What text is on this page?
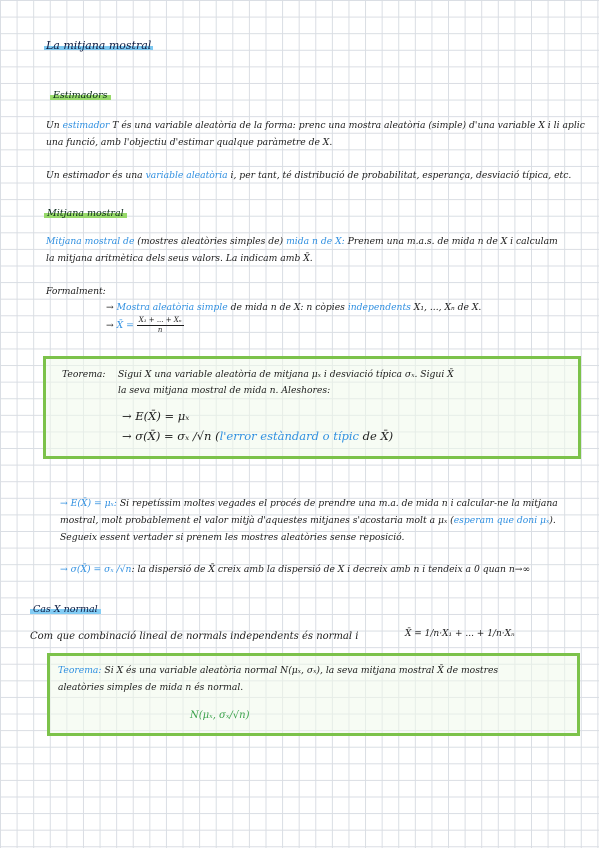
La mitjana mostral
Estimadors
Un estimador T és una variable aleatòria de la forma: prenc una mostra aleatòria (simple) d'una variable X i li aplic
una funció, amb l'objectiu d'estimar qualque paràmetre de X.
Un estimador és una variable aleatòria i, per tant, té distribució de probabilitat, esperança, desviació típica, etc.
Mitjana mostral
Mitjana mostral de (mostres aleatòries simples de) mida n de X: Prenem una m.a.s. de mida n de X i calculam
la mitjana aritmètica dels seus valors. La indicam amb X̄.
Formalment:
→ Mostra aleatòria simple de mida n de X: n còpies independents X₁, ..., Xₙ de X.
→ X̄ = $\frac{\text{X₁ + ... + Xₙ}}{n}$
Teorema: Sigui X una variable aleatòria de mitjana μₓ i desviació típica σₓ. Sigui X̄
la seva mitjana mostral de mida n. Aleshores:
→ E(X̄) = μₓ
→ σ(X̄) = σₓ /√n (l'error estàndard o típic de X̄)
→ E(X̄) = μₓ: Si repetíssim moltes vegades el procés de prendre una m.a. de mida n i calcular-ne la mitjana
mostral, molt probablement el valor mitjà d'aquestes mitjanes s'acostaria molt a μₓ (esperam que doni μₓ).
Segueix essent vertader si prenem les mostres aleatòries sense reposició.
→ σ(X̄) = σₓ /√n: la dispersió de X̄ creix amb la dispersió de X i decreix amb n i tendeix a 0 quan n→∞
Cas X normal
Com que combinació lineal de normals independents és normal i	X̄ = 1/n·X₁ + ... + 1/n·Xₙ
Teorema: Si X és una variable aleatòria normal N(μₓ, σₓ), la seva mitjana mostral X̄ de mostres
aleatòries simples de mida n és normal.
N(μₓ, σₓ/√n)
